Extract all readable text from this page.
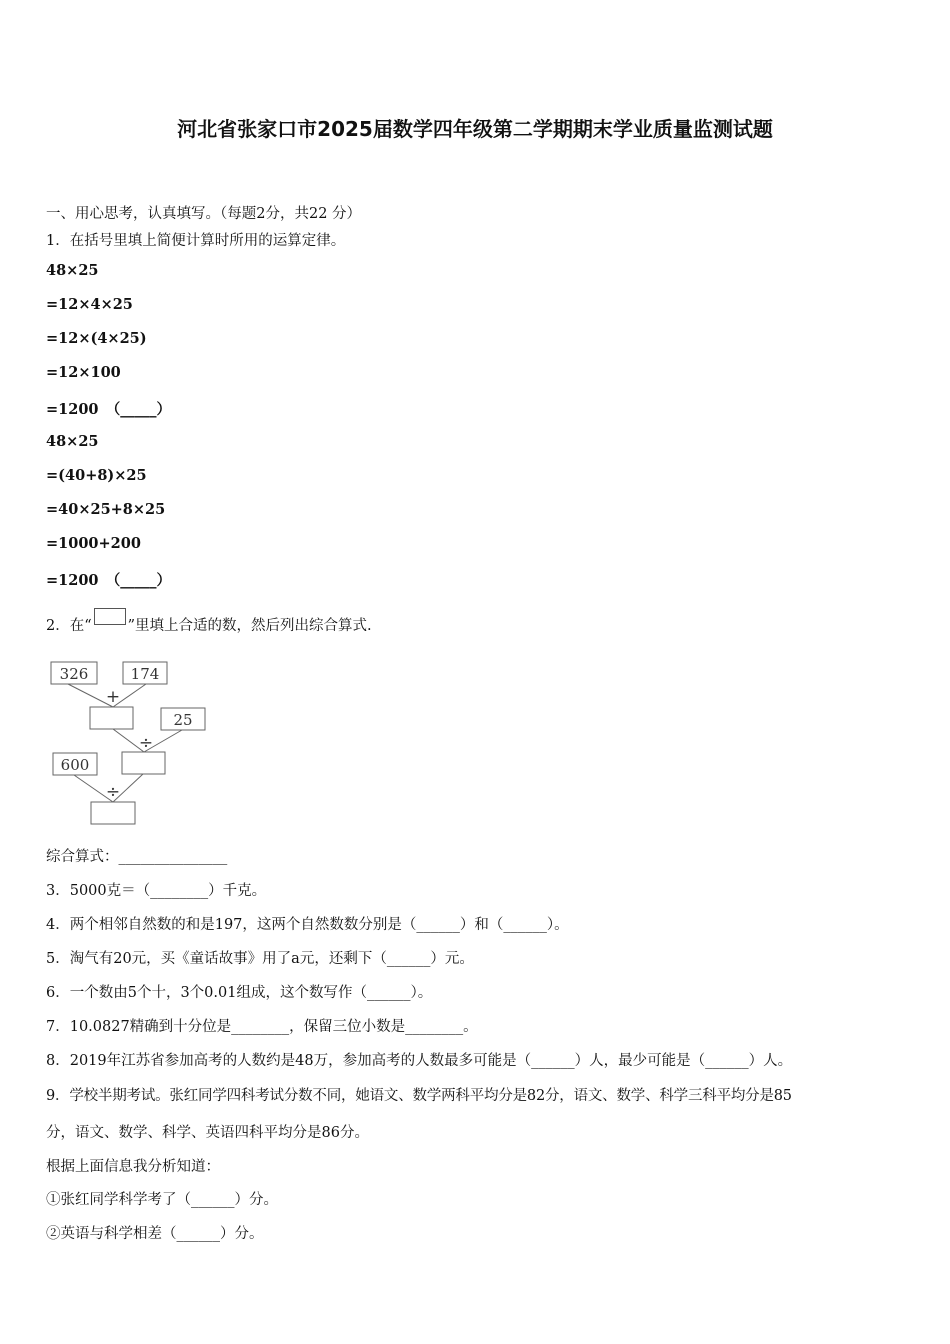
河北省张家口市2025届数学四年级第二学期期末学业质量监测试题
一、用心思考，认真填写。（每题2分，共22 分）
1．在括号里填上简便计算时所用的运算定律。
48×25
=12×4×25
=12×(4×25)
=12×100
=1200　（_____）
48×25
=(40+8)×25
=40×25+8×25
=1000+200
=1200　（_____）
2．在“ ”里填上合适的数，然后列出综合算式.
326	174
+
25
÷
600
÷
综合算式：_______________
3．5000克＝（________）千克。
4．两个相邻自然数的和是197，这两个自然数数分别是（______）和（______）。
5．淘气有20元，买《童话故事》用了a元，还剩下（______）元。
6．一个数由5个十，3个0.01组成，这个数写作（______）。
7．10.0827精确到十分位是________，保留三位小数是________。
8．2019年江苏省参加高考的人数约是48万，参加高考的人数最多可能是（______）人，最少可能是（______）人。
9．学校半期考试。张红同学四科考试分数不同，她语文、数学两科平均分是82分，语文、数学、科学三科平均分是85
分，语文、数学、科学、英语四科平均分是86分。
根据上面信息我分析知道：
①张红同学科学考了（______）分。
②英语与科学相差（______）分。
